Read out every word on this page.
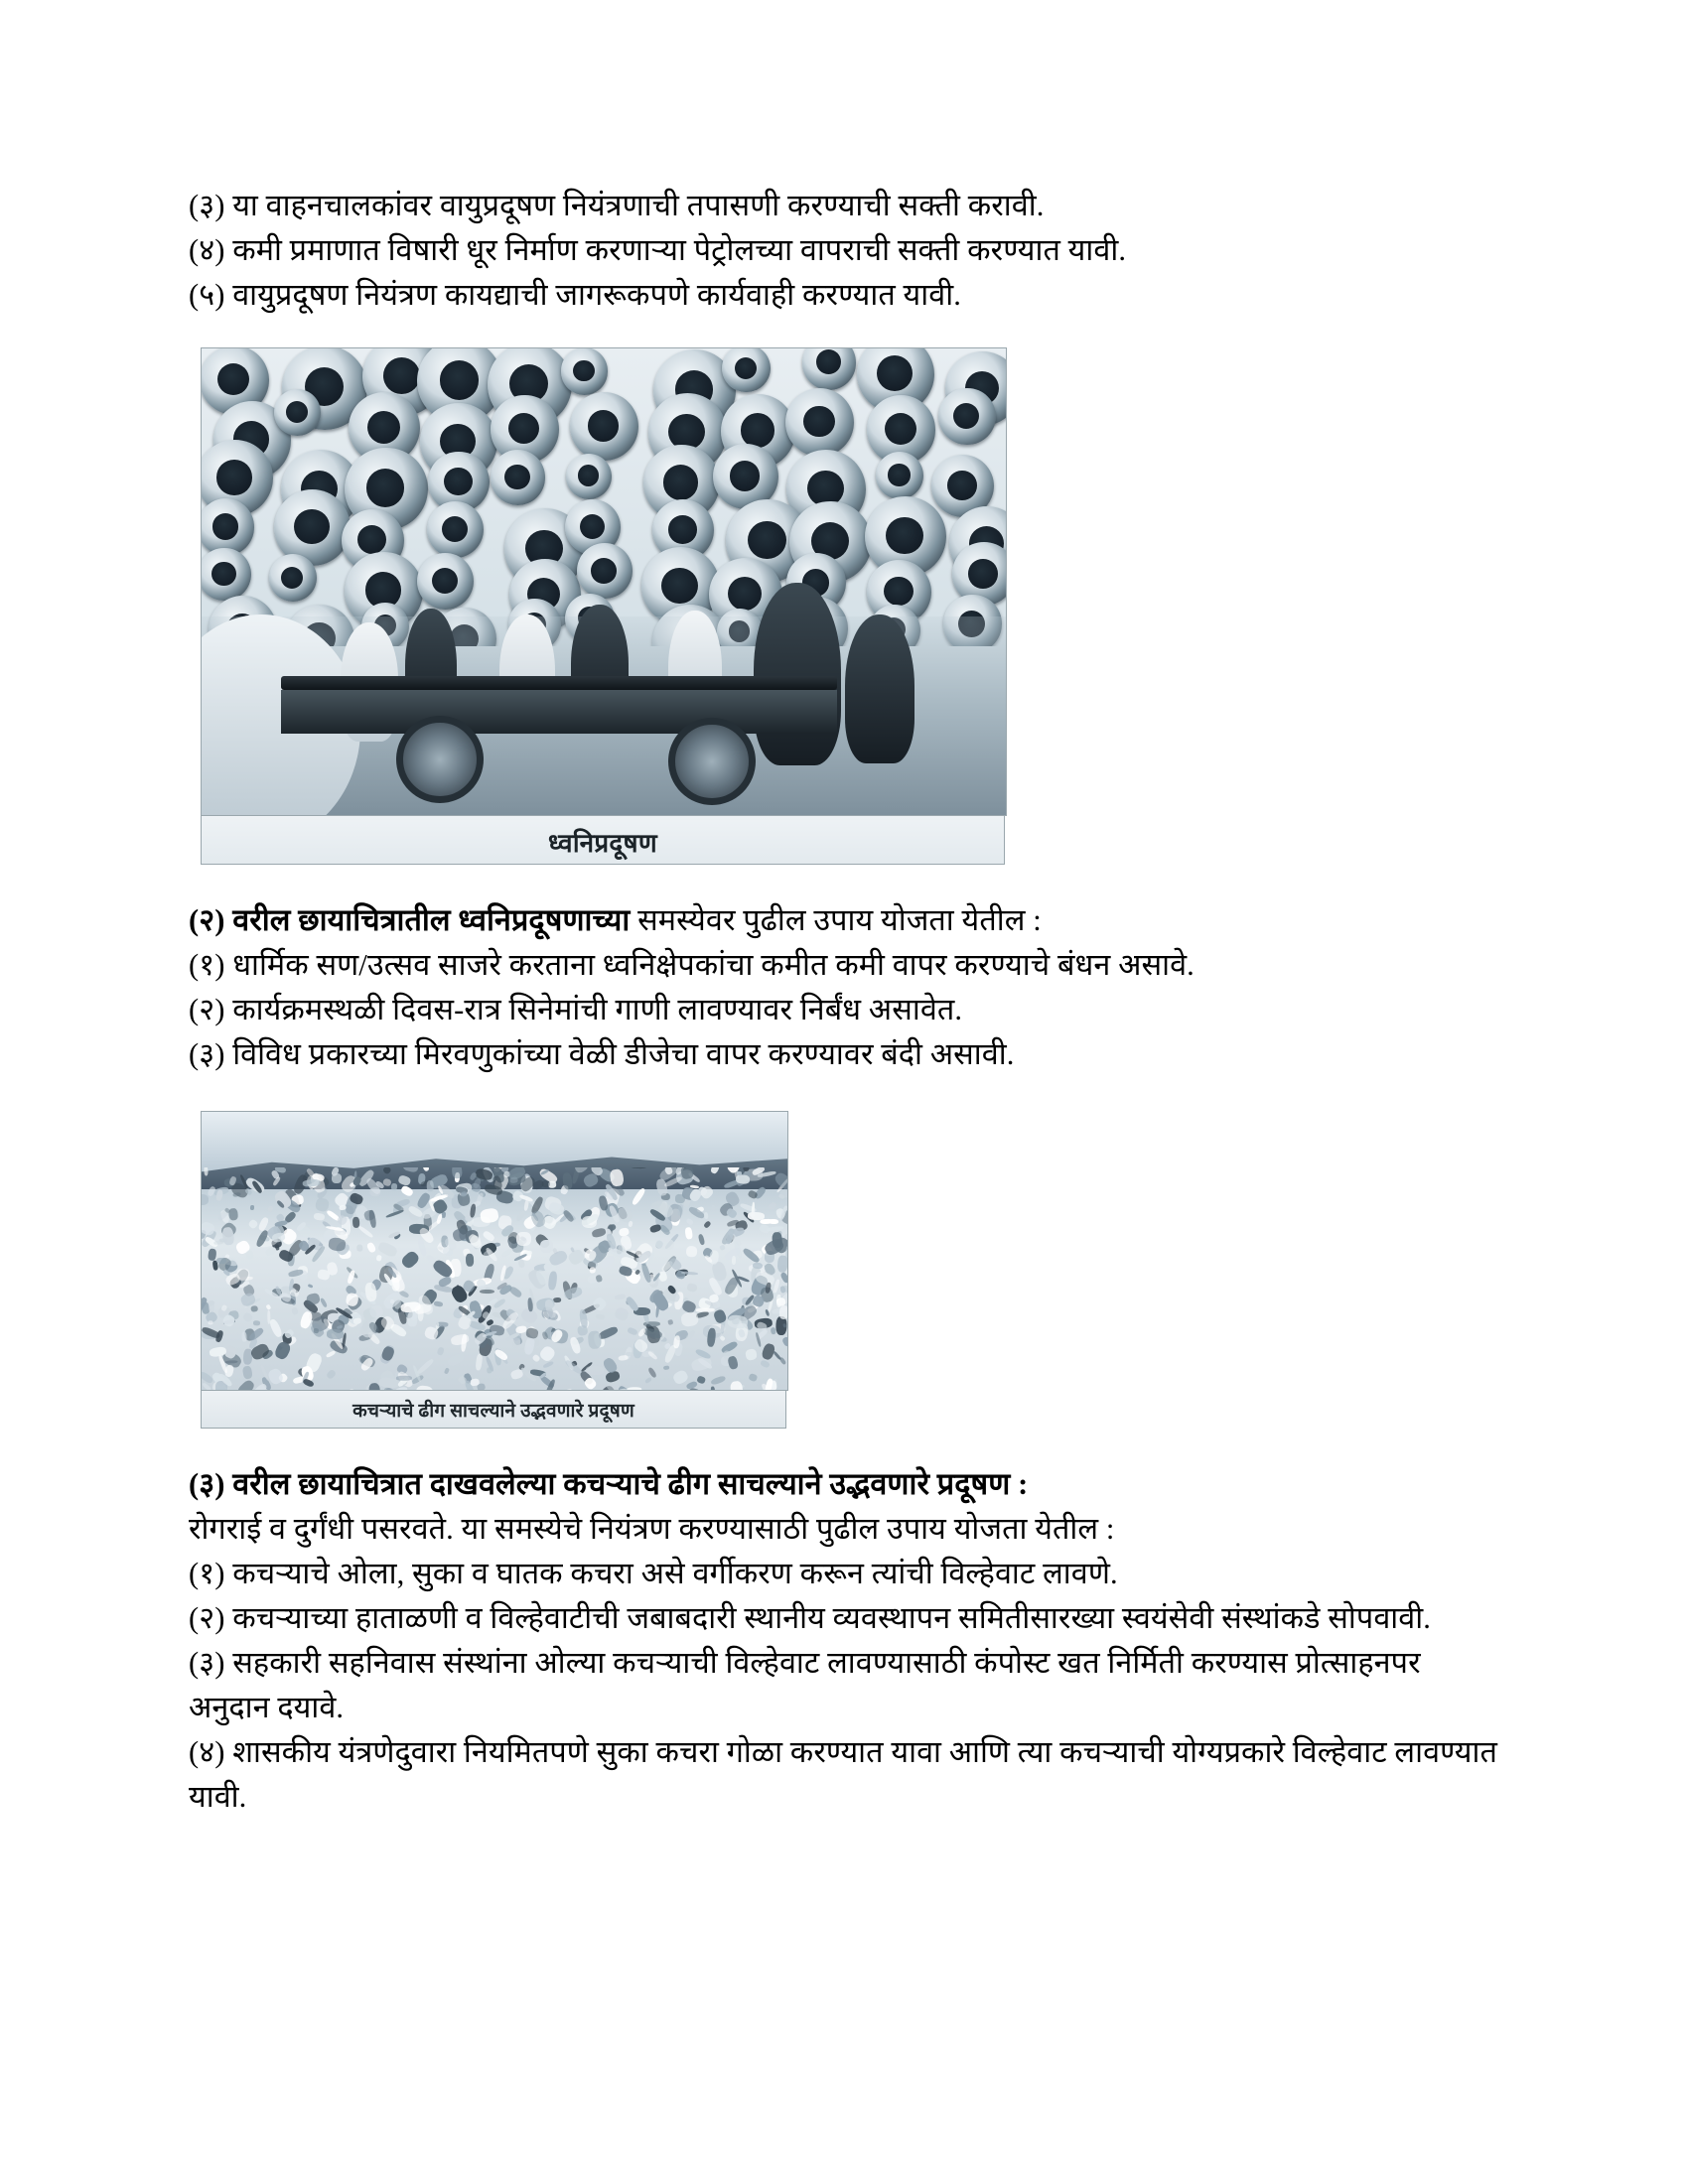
(३) या वाहनचालकांवर वायुप्रदूषण नियंत्रणाची तपासणी करण्याची सक्ती करावी.
(४) कमी प्रमाणात विषारी धूर निर्माण करणाऱ्या पेट्रोलच्या वापराची सक्ती करण्यात यावी.
(५) वायुप्रदूषण नियंत्रण कायद्याची जागरूकपणे कार्यवाही करण्यात यावी.
ध्वनिप्रदूषण
(२) वरील छायाचित्रातील ध्वनिप्रदूषणाच्या समस्येवर पुढील उपाय योजता येतील :
(१) धार्मिक सण/उत्सव साजरे करताना ध्वनिक्षेपकांचा कमीत कमी वापर करण्याचे बंधन असावे.
(२) कार्यक्रमस्थळी दिवस-रात्र सिनेमांची गाणी लावण्यावर निर्बंध असावेत.
(३) विविध प्रकारच्या मिरवणुकांच्या वेळी डीजेचा वापर करण्यावर बंदी असावी.
कचऱ्याचे ढीग साचल्याने उद्भवणारे प्रदूषण
(३) वरील छायाचित्रात दाखवलेल्या कचऱ्याचे ढीग साचल्याने उद्भवणारे प्रदूषण :
रोगराई व दुर्गंधी पसरवते. या समस्येचे नियंत्रण करण्यासाठी पुढील उपाय योजता येतील :
(१) कचऱ्याचे ओला, सुका व घातक कचरा असे वर्गीकरण करून त्यांची विल्हेवाट लावणे.
(२) कचऱ्याच्या हाताळणी व विल्हेवाटीची जबाबदारी स्थानीय व्यवस्थापन समितीसारख्या स्वयंसेवी संस्थांकडे सोपवावी.
(३) सहकारी सहनिवास संस्थांना ओल्या कचऱ्याची विल्हेवाट लावण्यासाठी कंपोस्ट खत निर्मिती करण्यास प्रोत्साहनपर अनुदान दयावे.
(४) शासकीय यंत्रणेदुवारा नियमितपणे सुका कचरा गोळा करण्यात यावा आणि त्या कचऱ्याची योग्यप्रकारे विल्हेवाट लावण्यात यावी.
